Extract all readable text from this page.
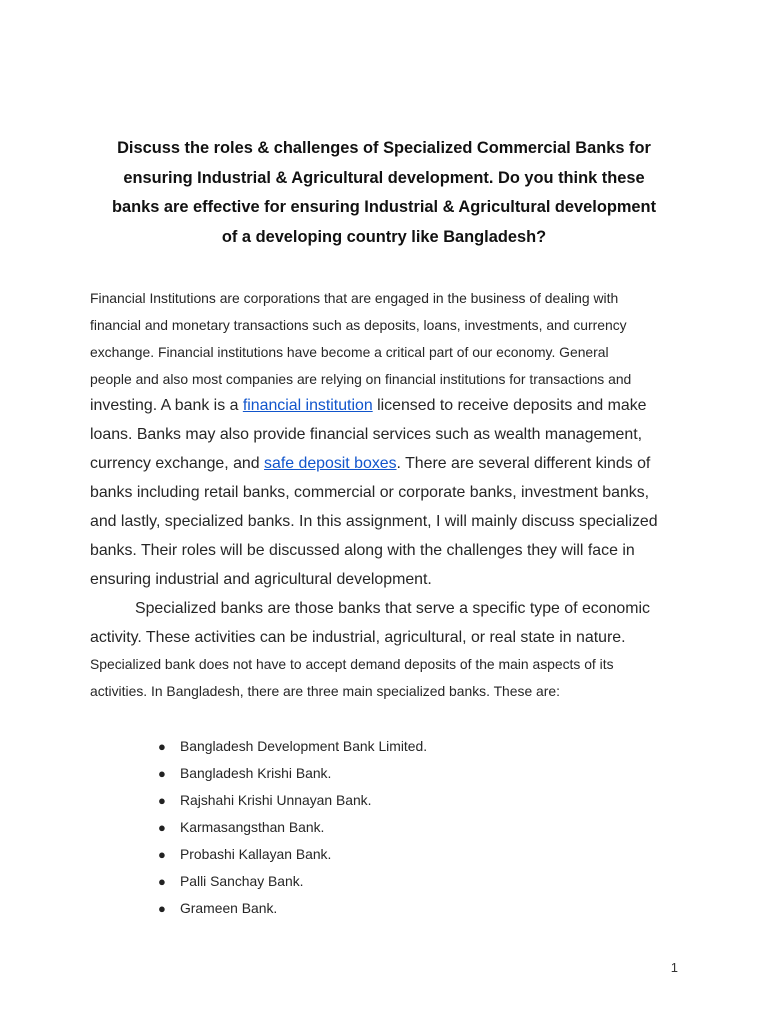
Discuss the roles & challenges of Specialized Commercial Banks for
ensuring Industrial & Agricultural development. Do you think these
banks are effective for ensuring Industrial & Agricultural development
of a developing country like Bangladesh?

Financial Institutions are corporations that are engaged in the business of dealing with
financial and monetary transactions such as deposits, loans, investments, and currency
exchange. Financial institutions have become a critical part of our economy. General
people and also most companies are relying on financial institutions for transactions and

investing. A bank is a financial institution licensed to receive deposits and make
loans. Banks may also provide financial services such as wealth management,
currency exchange, and safe deposit boxes. There are several different kinds of
banks including retail banks, commercial or corporate banks, investment banks,
and lastly, specialized banks. In this assignment, I will mainly discuss specialized
banks. Their roles will be discussed along with the challenges they will face in
ensuring industrial and agricultural development.

Specialized banks are those banks that serve a specific type of economic
activity. These activities can be industrial, agricultural, or real state in nature.

Specialized bank does not have to accept demand deposits of the main aspects of its
activities. In Bangladesh, there are three main specialized banks. These are:

● Bangladesh Development Bank Limited.
● Bangladesh Krishi Bank.
● Rajshahi Krishi Unnayan Bank.
● Karmasangsthan Bank.
● Probashi Kallayan Bank.
● Palli Sanchay Bank.
● Grameen Bank.
1
